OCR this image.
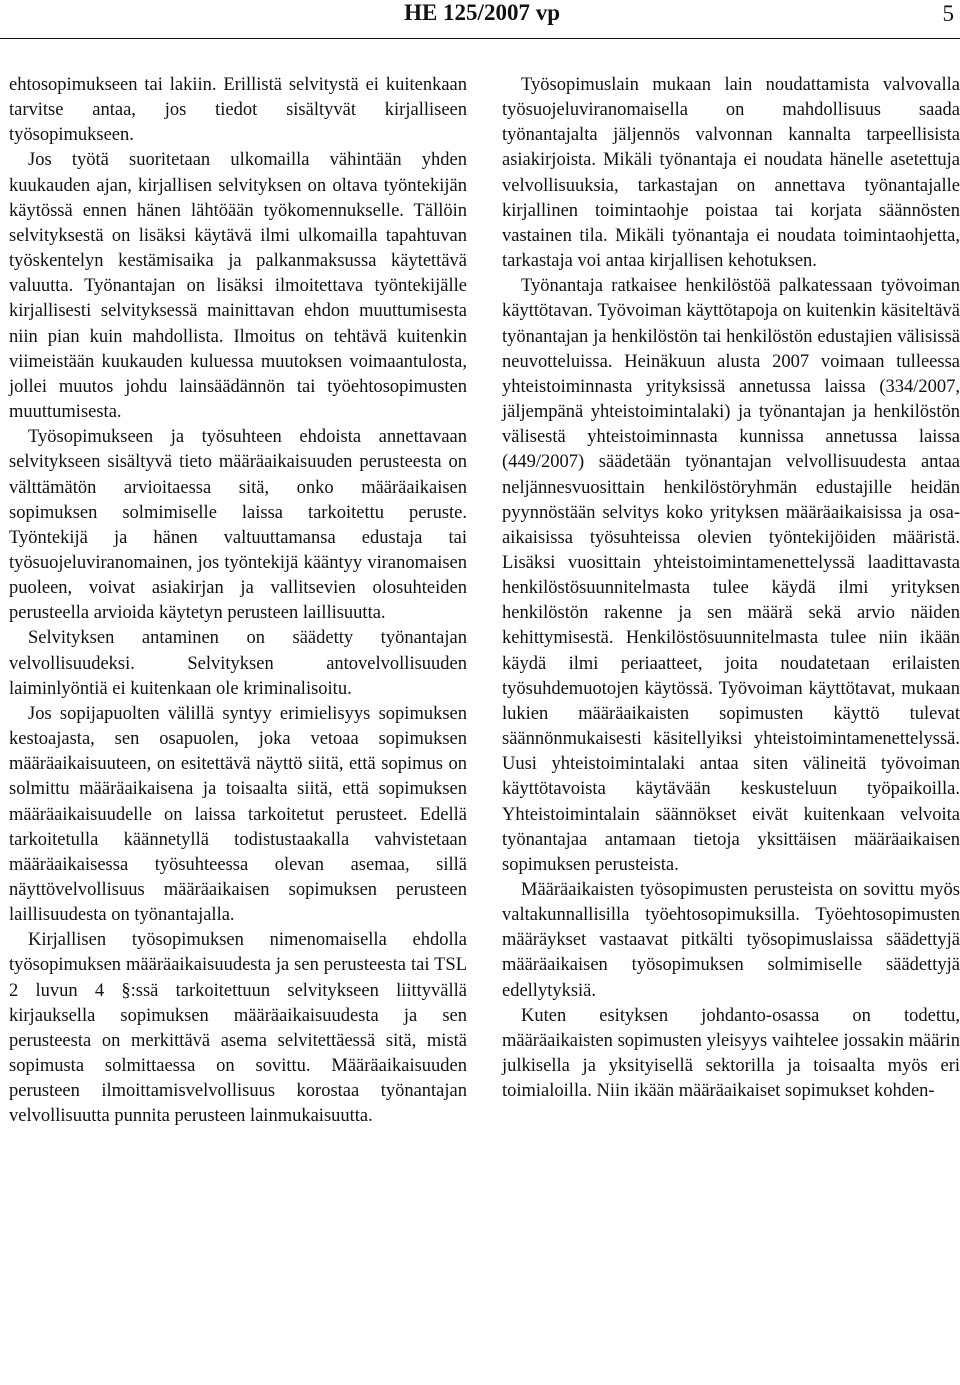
HE 125/2007 vp	5

ehtosopimukseen tai lakiin. Erillistä selvitystä ei kuitenkaan tarvitse antaa, jos tiedot sisältyvät kirjalliseen työsopimukseen.

Jos työtä suoritetaan ulkomailla vähintään yhden kuukauden ajan, kirjallisen selvityksen on oltava työntekijän käytössä ennen hänen lähtöään työkomennukselle. Tällöin selvityksestä on lisäksi käytävä ilmi ulkomailla tapahtuvan työskentelyn kestämisaika ja palkanmaksussa käytettävä valuutta. Työnantajan on lisäksi ilmoitettava työntekijälle kirjallisesti selvityksessä mainittavan ehdon muuttumisesta niin pian kuin mahdollista. Ilmoitus on tehtävä kuitenkin viimeistään kuukauden kuluessa muutoksen voimaantulosta, jollei muutos johdu lainsäädännön tai työehtosopimusten muuttumisesta.

Työsopimukseen ja työsuhteen ehdoista annettavaan selvitykseen sisältyvä tieto määräaikaisuuden perusteesta on välttämätön arvioitaessa sitä, onko määräaikaisen sopimuksen solmimiselle laissa tarkoitettu peruste. Työntekijä ja hänen valtuuttamansa edustaja tai työsuojeluviranomainen, jos työntekijä kääntyy viranomaisen puoleen, voivat asiakirjan ja vallitsevien olosuhteiden perusteella arvioida käytetyn perusteen laillisuutta.

Selvityksen antaminen on säädetty työnantajan velvollisuudeksi. Selvityksen antovelvollisuuden laiminlyöntiä ei kuitenkaan ole kriminalisoitu.

Jos sopijapuolten välillä syntyy erimielisyys sopimuksen kestoajasta, sen osapuolen, joka vetoaa sopimuksen määräaikaisuuteen, on esitettävä näyttö siitä, että sopimus on solmittu määräaikaisena ja toisaalta siitä, että sopimuksen määräaikaisuudelle on laissa tarkoitetut perusteet. Edellä tarkoitetulla käännetyllä todistustaakalla vahvistetaan määräaikaisessa työsuhteessa olevan asemaa, sillä näyttövelvollisuus määräaikaisen sopimuksen perusteen laillisuudesta on työnantajalla.

Kirjallisen työsopimuksen nimenomaisella ehdolla työsopimuksen määräaikaisuudesta ja sen perusteesta tai TSL 2 luvun 4 §:ssä tarkoitettuun selvitykseen liittyvällä kirjauksella sopimuksen määräaikaisuudesta ja sen perusteesta on merkittävä asema selvitettäessä sitä, mistä sopimusta solmittaessa on sovittu. Määräaikaisuuden perusteen ilmoittamisvelvollisuus korostaa työnantajan velvollisuutta punnita perusteen lainmukaisuutta.

Työsopimuslain mukaan lain noudattamista valvovalla työsuojeluviranomaisella on mahdollisuus saada työnantajalta jäljennös valvonnan kannalta tarpeellisista asiakirjoista. Mikäli työnantaja ei noudata hänelle asetettuja velvollisuuksia, tarkastajan on annettava työnantajalle kirjallinen toimintaohje poistaa tai korjata säännösten vastainen tila. Mikäli työnantaja ei noudata toimintaohjetta, tarkastaja voi antaa kirjallisen kehotuksen.

Työnantaja ratkaisee henkilöstöä palkatessaan työvoiman käyttötavan. Työvoiman käyttötapoja on kuitenkin käsiteltävä työnantajan ja henkilöstön tai henkilöstön edustajien välisissä neuvotteluissa. Heinäkuun alusta 2007 voimaan tulleessa yhteistoiminnasta yrityksissä annetussa laissa (334/2007, jäljempänä yhteistoimintalaki) ja työnantajan ja henkilöstön välisestä yhteistoiminnasta kunnissa annetussa laissa (449/2007) säädetään työnantajan velvollisuudesta antaa neljännesvuosittain henkilöstöryhmän edustajille heidän pyynnöstään selvitys koko yrityksen määräaikaisissa ja osa-aikaisissa työsuhteissa olevien työntekijöiden määristä. Lisäksi vuosittain yhteistoimintamenettelyssä laadittavasta henkilöstösuunnitelmasta tulee käydä ilmi yrityksen henkilöstön rakenne ja sen määrä sekä arvio näiden kehittymisestä. Henkilöstösuunnitelmasta tulee niin ikään käydä ilmi periaatteet, joita noudatetaan erilaisten työsuhdemuotojen käytössä. Työvoiman käyttötavat, mukaan lukien määräaikaisten sopimusten käyttö tulevat säännönmukaisesti käsitellyiksi yhteistoimintamenettelyssä. Uusi yhteistoimintalaki antaa siten välineitä työvoiman käyttötavoista käytävään keskusteluun työpaikoilla. Yhteistoimintalain säännökset eivät kuitenkaan velvoita työnantajaa antamaan tietoja yksittäisen määräaikaisen sopimuksen perusteista.

Määräaikaisten työsopimusten perusteista on sovittu myös valtakunnallisilla työehtosopimuksilla. Työehtosopimusten määräykset vastaavat pitkälti työsopimuslaissa säädettyjä määräaikaisen työsopimuksen solmimiselle säädettyjä edellytyksiä.

Kuten esityksen johdanto-osassa on todettu, määräaikaisten sopimusten yleisyys vaihtelee jossakin määrin julkisella ja yksityisellä sektorilla ja toisaalta myös eri toimialoilla. Niin ikään määräaikaiset sopimukset kohden-
